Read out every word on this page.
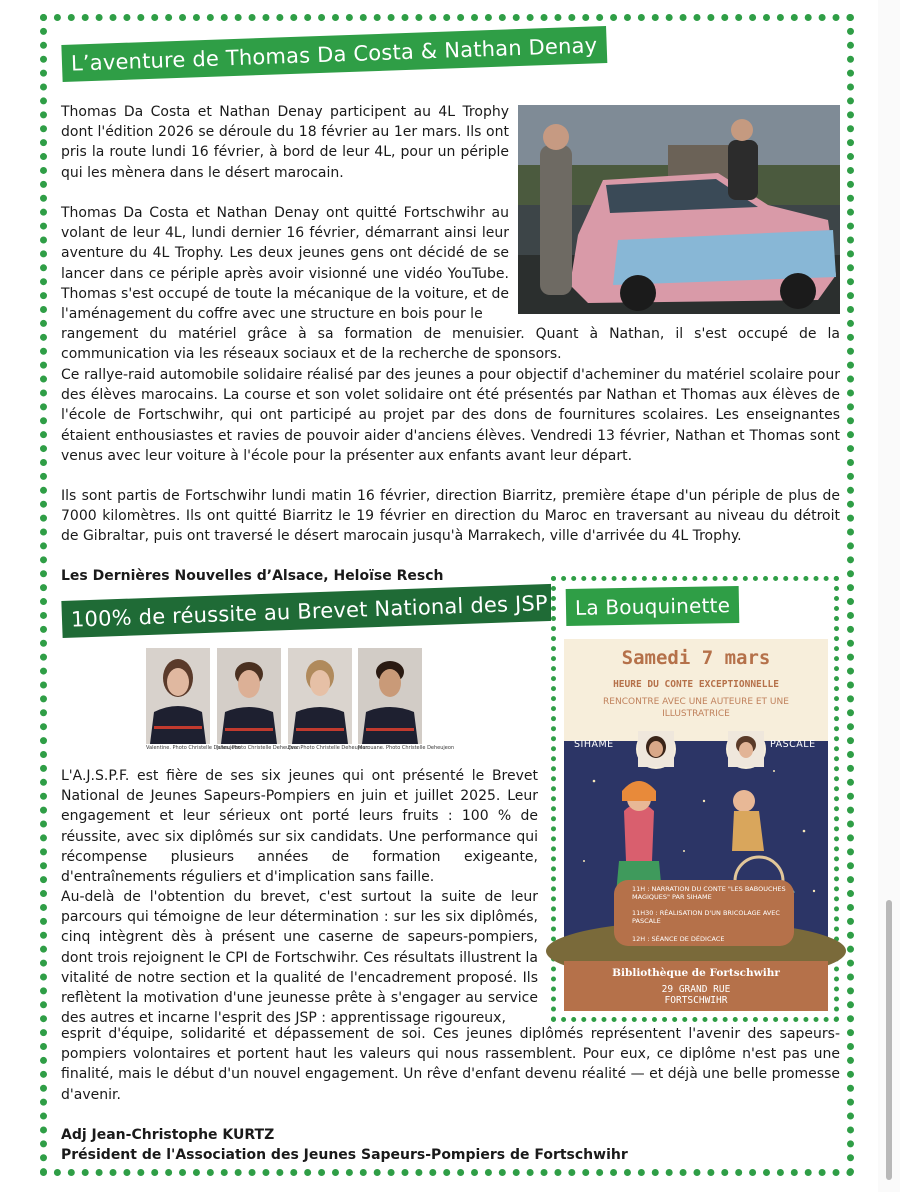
L’aventure de Thomas Da Costa & Nathan Denay

Thomas Da Costa et Nathan Denay participent au 4L Trophy dont l'édition 2026 se déroule du 18 février au 1er mars. Ils ont pris la route lundi 16 février, à bord de leur 4L, pour un périple qui les mènera dans le désert marocain.

Thomas Da Costa et Nathan Denay ont quitté Fortschwihr au volant de leur 4L, lundi dernier 16 février, démarrant ainsi leur aventure du 4L Trophy. Les deux jeunes gens ont décidé de se lancer dans ce périple après avoir visionné une vidéo YouTube. Thomas s'est occupé de toute la mécanique de la voiture, et de l'aménagement du coffre avec une structure en bois pour le

rangement du matériel grâce à sa formation de menuisier. Quant à Nathan, il s'est occupé de la communication via les réseaux sociaux et de la recherche de sponsors.

Ce rallye-raid automobile solidaire réalisé par des jeunes a pour objectif d'acheminer du matériel scolaire pour des élèves marocains. La course et son volet solidaire ont été présentés par Nathan et Thomas aux élèves de l'école de Fortschwihr, qui ont participé au projet par des dons de fournitures scolaires. Les enseignantes étaient enthousiastes et ravies de pouvoir aider d'anciens élèves. Vendredi 13 février, Nathan et Thomas sont venus avec leur voiture à l'école pour la présenter aux enfants avant leur départ.

Ils sont partis de Fortschwihr lundi matin 16 février, direction Biarritz, première étape d'un périple de plus de 7000 kilomètres. Ils ont quitté Biarritz le 19 février en direction du Maroc en traversant au niveau du détroit de Gibraltar, puis ont traversé le désert marocain jusqu'à Marrakech, ville d'arrivée du 4L Trophy.

Les Dernières Nouvelles d’Alsace, Heloïse Resch
100% de réussite au Brevet National des JSP
Valentine. Photo Christelle Deheujeon
Jules. Photo Christelle Deheujeon
Eva. Photo Christelle Deheujeon
Marouane. Photo Christelle Deheujeon

L'A.J.S.P.F. est fière de ses six jeunes qui ont présenté le Brevet National de Jeunes Sapeurs-Pompiers en juin et juillet 2025. Leur engagement et leur sérieux ont porté leurs fruits : 100 % de réussite, avec six diplômés sur six candidats. Une performance qui récompense plusieurs années de formation exigeante, d'entraînements réguliers et d'implication sans faille.

Au-delà de l'obtention du brevet, c'est surtout la suite de leur parcours qui témoigne de leur détermination : sur les six diplômés, cinq intègrent dès à présent une caserne de sapeurs-pompiers, dont trois rejoignent le CPI de Fortschwihr. Ces résultats illustrent la vitalité de notre section et la qualité de l'encadrement proposé. Ils reflètent la motivation d'une jeunesse prête à s'engager au service des autres et incarne l'esprit des JSP : apprentissage rigoureux,

esprit d'équipe, solidarité et dépassement de soi. Ces jeunes diplômés représentent l'avenir des sapeurs-pompiers volontaires et portent haut les valeurs qui nous rassemblent. Pour eux, ce diplôme n'est pas une finalité, mais le début d'un nouvel engagement. Un rêve d'enfant devenu réalité — et déjà une belle promesse d'avenir.

Adj Jean-Christophe KURTZ
Président de l'Association des Jeunes Sapeurs-Pompiers de Fortschwihr
La Bouquinette
Samedi 7 mars
HEURE DU CONTE EXCEPTIONNELLE
RENCONTRE AVEC UNE AUTEURE ET UNE ILLUSTRATRICE
SIHAME	PASCALE
11H : NARRATION DU CONTE "LES BABOUCHES MAGIQUES" PAR SIHAME
11H30 : RÉALISATION D'UN BRICOLAGE AVEC PASCALE
12H : SÉANCE DE DÉDICACE
Bibliothèque de Fortschwihr
29 GRAND RUE
FORTSCHWIHR
